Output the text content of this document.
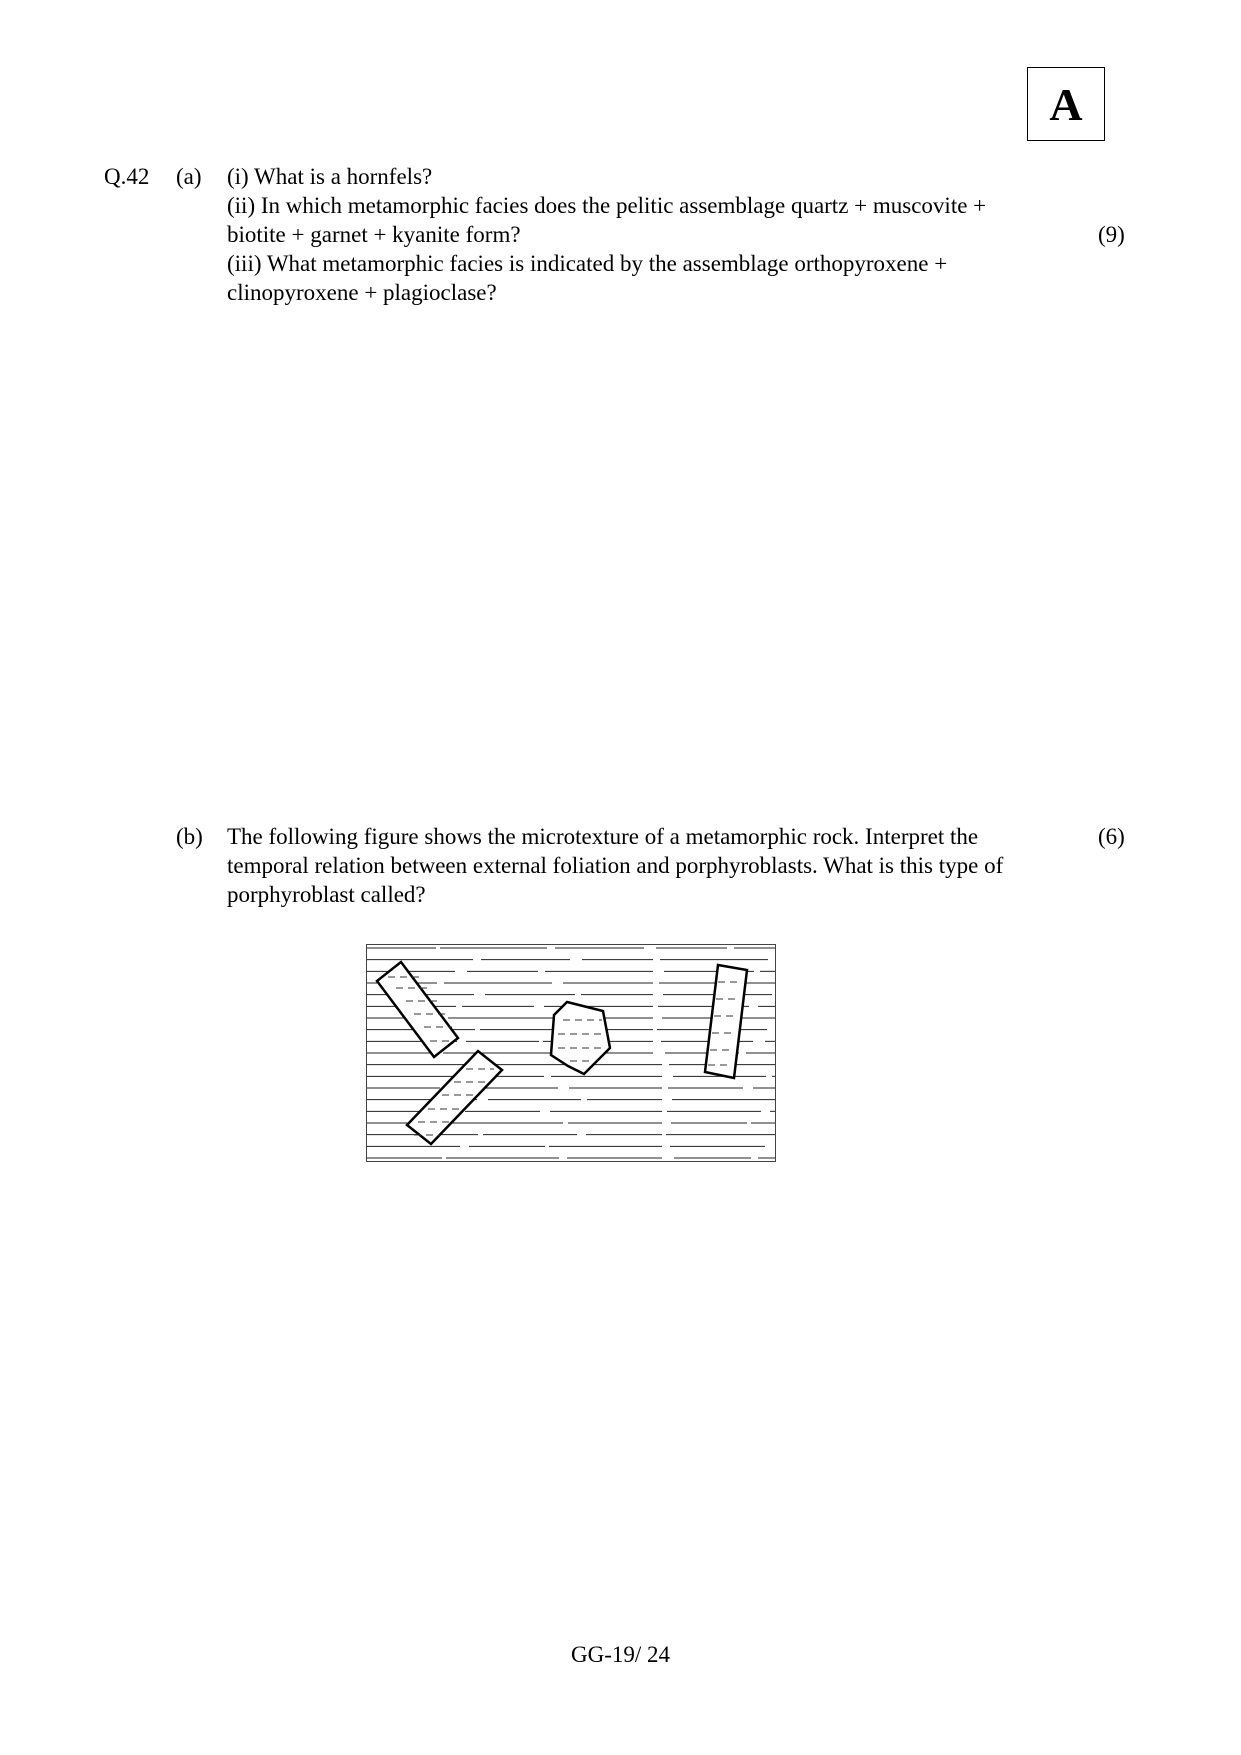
A
Q.42 (a) (i) What is a hornfels?
(ii) In which metamorphic facies does the pelitic assemblage quartz + muscovite +
biotite + garnet + kyanite form?	(9)
(iii) What metamorphic facies is indicated by the assemblage orthopyroxene +
clinopyroxene + plagioclase?
(b) The following figure shows the microtexture of a metamorphic rock. Interpret the	(6)
temporal relation between external foliation and porphyroblasts. What is this type of
porphyroblast called?
GG-19/ 24
